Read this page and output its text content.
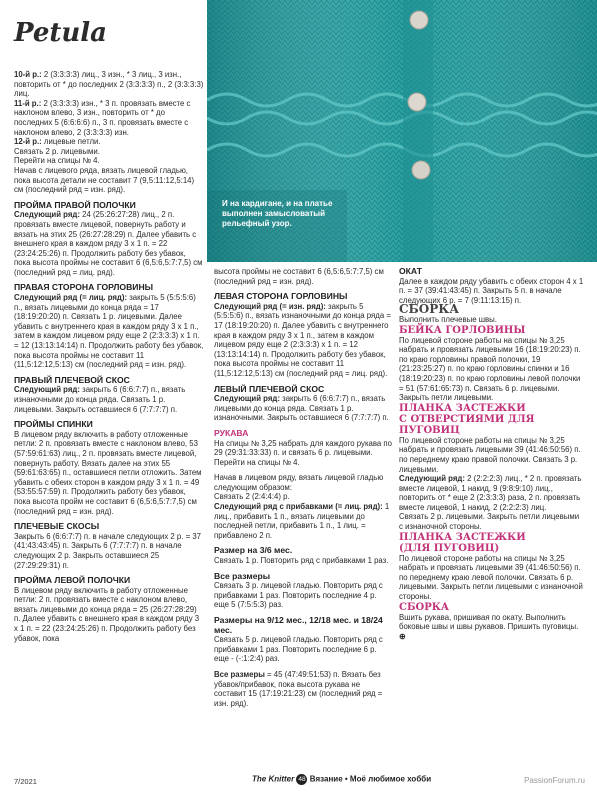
Petula
И на кардигане, и на платье выполнен замысловатый рельефный узор.

10-й р.: 2 (3:3:3:3) лиц., 3 изн., * 3 лиц., 3 изн., повторить от * до последних 2 (3:3:3:3) п., 2 (3:3:3:3) лиц.

11-й р.: 2 (3:3:3:3) изн., * 3 п. провязать вместе с наклоном влево, 3 изн., повторить от * до последних 5 (6:6:6:6) п., 3 п. провязать вместе с наклоном влево, 2 (3:3:3:3) изн.

12-й р.: лицевые петли.

Связать 2 р. лицевыми.

Перейти на спицы № 4.

Начав с лицевого ряда, вязать лицевой гладью, пока высота детали не составит 7 (9,5:11:12,5:14) см (последний ряд = изн. ряд).

ПРОЙМА ПРАВОЙ ПОЛОЧКИ

Следующий ряд: 24 (25:26:27:28) лиц., 2 п. провязать вместе лицевой, повернуть работу и вязать на этих 25 (26:27:28:29) п. Далее убавить с внешнего края в каждом ряду 3 х 1 п. = 22 (23:24:25:26) п. Продолжить работу без убавок, пока высота проймы не составит 6 (6,5:6,5:7:7,5) см (последний ряд = лиц. ряд).

ПРАВАЯ СТОРОНА ГОРЛОВИНЫ

Следующий ряд (= лиц. ряд): закрыть 5 (5:5:5:6) п., вязать лицевыми до конца ряда = 17 (18:19:20:20) п. Связать 1 р. лицевыми. Далее убавить с внутреннего края в каждом ряду 3 х 1 п., затем в каждом лицевом ряду еще 2 (2:3:3:3) х 1 п. = 12 (13:13:14:14) п. Продолжить работу без убавок, пока высота проймы не составит 11 (11,5:12:12,5:13) см (последний ряд = изн. ряд).

ПРАВЫЙ ПЛЕЧЕВОЙ СКОС

Следующий ряд: закрыть 6 (6:6:7:7) п., вязать изнаночными до конца ряда. Связать 1 р. лицевыми. Закрыть оставшиеся 6 (7:7:7:7) п.

ПРОЙМЫ СПИНКИ

В лицевом ряду включить в работу отложенные петли: 2 п. провязать вместе с наклоном влево, 53 (57:59:61:63) лиц., 2 п. провязать вместе лицевой, повернуть работу. Вязать далее на этих 55 (59:61:63:65) п., оставшиеся петли отложить. Затем убавить с обеих сторон в каждом ряду 3 х 1 п. = 49 (53:55:57:59) п. Продолжить работу без убавок, пока высота пройм не составит 6 (6,5:6,5:7:7,5) см (последний ряд = изн. ряд).

ПЛЕЧЕВЫЕ СКОСЫ

Закрыть 6 (6:6:7:7) п. в начале следующих 2 р. = 37 (41:43:43:45) п. Закрыть 6 (7:7:7:7) п. в начале следующих 2 р. Закрыть оставшиеся 25 (27:29:29:31) п.

ПРОЙМА ЛЕВОЙ ПОЛОЧКИ

В лицевом ряду включить в работу отложенные петли: 2 п. провязать вместе с наклоном влево, вязать лицевыми до конца ряда = 25 (26:27:28:29) п. Далее убавить с внешнего края в каждом ряду 3 х 1 п. = 22 (23:24:25:26) п. Продолжить работу без убавок, пока

высота проймы не составит 6 (6,5:6,5:7:7,5) см (последний ряд = изн. ряд).

ЛЕВАЯ СТОРОНА ГОРЛОВИНЫ

Следующий ряд (= изн. ряд): закрыть 5 (5:5:5:6) п., вязать изнаночными до конца ряда = 17 (18:19:20:20) п. Далее убавить с внутреннего края в каждом ряду 3 х 1 п., затем в каждом лицевом ряду еще 2 (2:3:3:3) х 1 п. = 12 (13:13:14:14) п. Продолжить работу без убавок, пока высота проймы не составит 11 (11,5:12:12,5:13) см (последний ряд = лиц. ряд).

ЛЕВЫЙ ПЛЕЧЕВОЙ СКОС

Следующий ряд: закрыть 6 (6:6:7:7) п., вязать лицевыми до конца ряда. Связать 1 р. изнаночными. Закрыть оставшиеся 6 (7:7:7:7) п.

РУКАВА

На спицы № 3,25 набрать для каждого рукава по 29 (29:31:33:33) п. и связать 6 р. лицевыми. Перейти на спицы № 4.

Начав в лицевом ряду, вязать лицевой гладью следующим образом:

Связать 2 (2:4:4:4) р.

Следующий ряд с прибавками (= лиц. ряд): 1 лиц., прибавить 1 п., вязать лицевыми до последней петли, прибавить 1 п., 1 лиц. = прибавлено 2 п.

Размер на 3/6 мес.

Связать 1 р. Повторить ряд с прибавками 1 раз.

Все размеры

Связать 3 р. лицевой гладью. Повторить ряд с прибавками 1 раз. Повторить последние 4 р. еще 5 (7:5:5:3) раз.

Размеры на 9/12 мес., 12/18 мес. и 18/24 мес.

Связать 5 р. лицевой гладью. Повторить ряд с прибавками 1 раз. Повторить последние 6 р. еще - (-:1:2:4) раз.

Все размеры = 45 (47:49:51:53) п. Вязать без убавок/прибавок, пока высота рукава не составит 15 (17:19:21:23) см (последний ряд = изн. ряд).

ОКАТ

Далее в каждом ряду убавить с обеих сторон 4 х 1 п. = 37 (39:41:43:45) п. Закрыть 5 п. в начале следующих 6 р. = 7 (9:11:13:15) п.

СБОРКА

Выполнить плечевые швы.

БЕЙКА ГОРЛОВИНЫ

По лицевой стороне работы на спицы № 3,25 набрать и провязать лицевыми 16 (18:19:20:23) п. по краю горловины правой полочки, 19 (21:23:25:27) п. по краю горловины спинки и 16 (18:19:20:23) п. по краю горловины левой полочки = 51 (57:61:65:73) п. Связать 6 р. лицевыми. Закрыть петли лицевыми.

ПЛАНКА ЗАСТЕЖКИ
С ОТВЕРСТИЯМИ ДЛЯ ПУГОВИЦ

По лицевой стороне работы на спицы № 3,25 набрать и провязать лицевыми 39 (41:46:50:56) п. по переднему краю правой полочки. Связать 3 р. лицевыми.

Следующий ряд: 2 (2:2:2:3) лиц., * 2 п. провязать вместе лицевой, 1 накид, 9 (9:8:9:10) лиц., повторить от * еще 2 (2:3:3:3) раза, 2 п. провязать вместе лицевой, 1 накид, 2 (2:2:2:3) лиц.

Связать 2 р. лицевыми. Закрыть петли лицевыми с изнаночной стороны.

ПЛАНКА ЗАСТЕЖКИ
(ДЛЯ ПУГОВИЦ)

По лицевой стороне работы на спицы № 3,25 набрать и провязать лицевыми 39 (41:46:50:56) п. по переднему краю левой полочки. Связать 6 р. лицевыми. Закрыть петли лицевыми с изнаночной стороны.

СБОРКА

Вшить рукава, пришивая по окату. Выполнить боковые швы и швы рукавов. Пришить пуговицы. ⊕

7/2021	The Knitter 48 Вязание • Моё любимое хобби	PassionForum.ru
